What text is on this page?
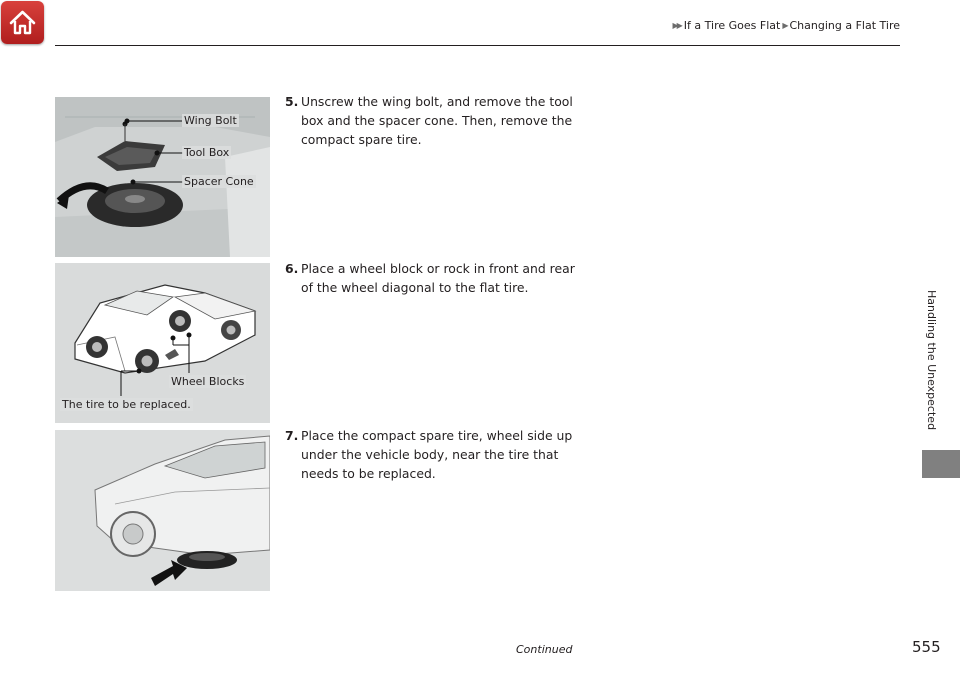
▶▶ If a Tire Goes Flat ▶ Changing a Flat Tire
Handling the Unexpected
Wing Bolt
Tool Box
Spacer Cone
Wheel Blocks
The tire to be replaced.
5. Unscrew the wing bolt, and remove the tool box and the spacer cone. Then, remove the compact spare tire.
6. Place a wheel block or rock in front and rear of the wheel diagonal to the flat tire.
7. Place the compact spare tire, wheel side up under the vehicle body, near the tire that needs to be replaced.
Continued	555
